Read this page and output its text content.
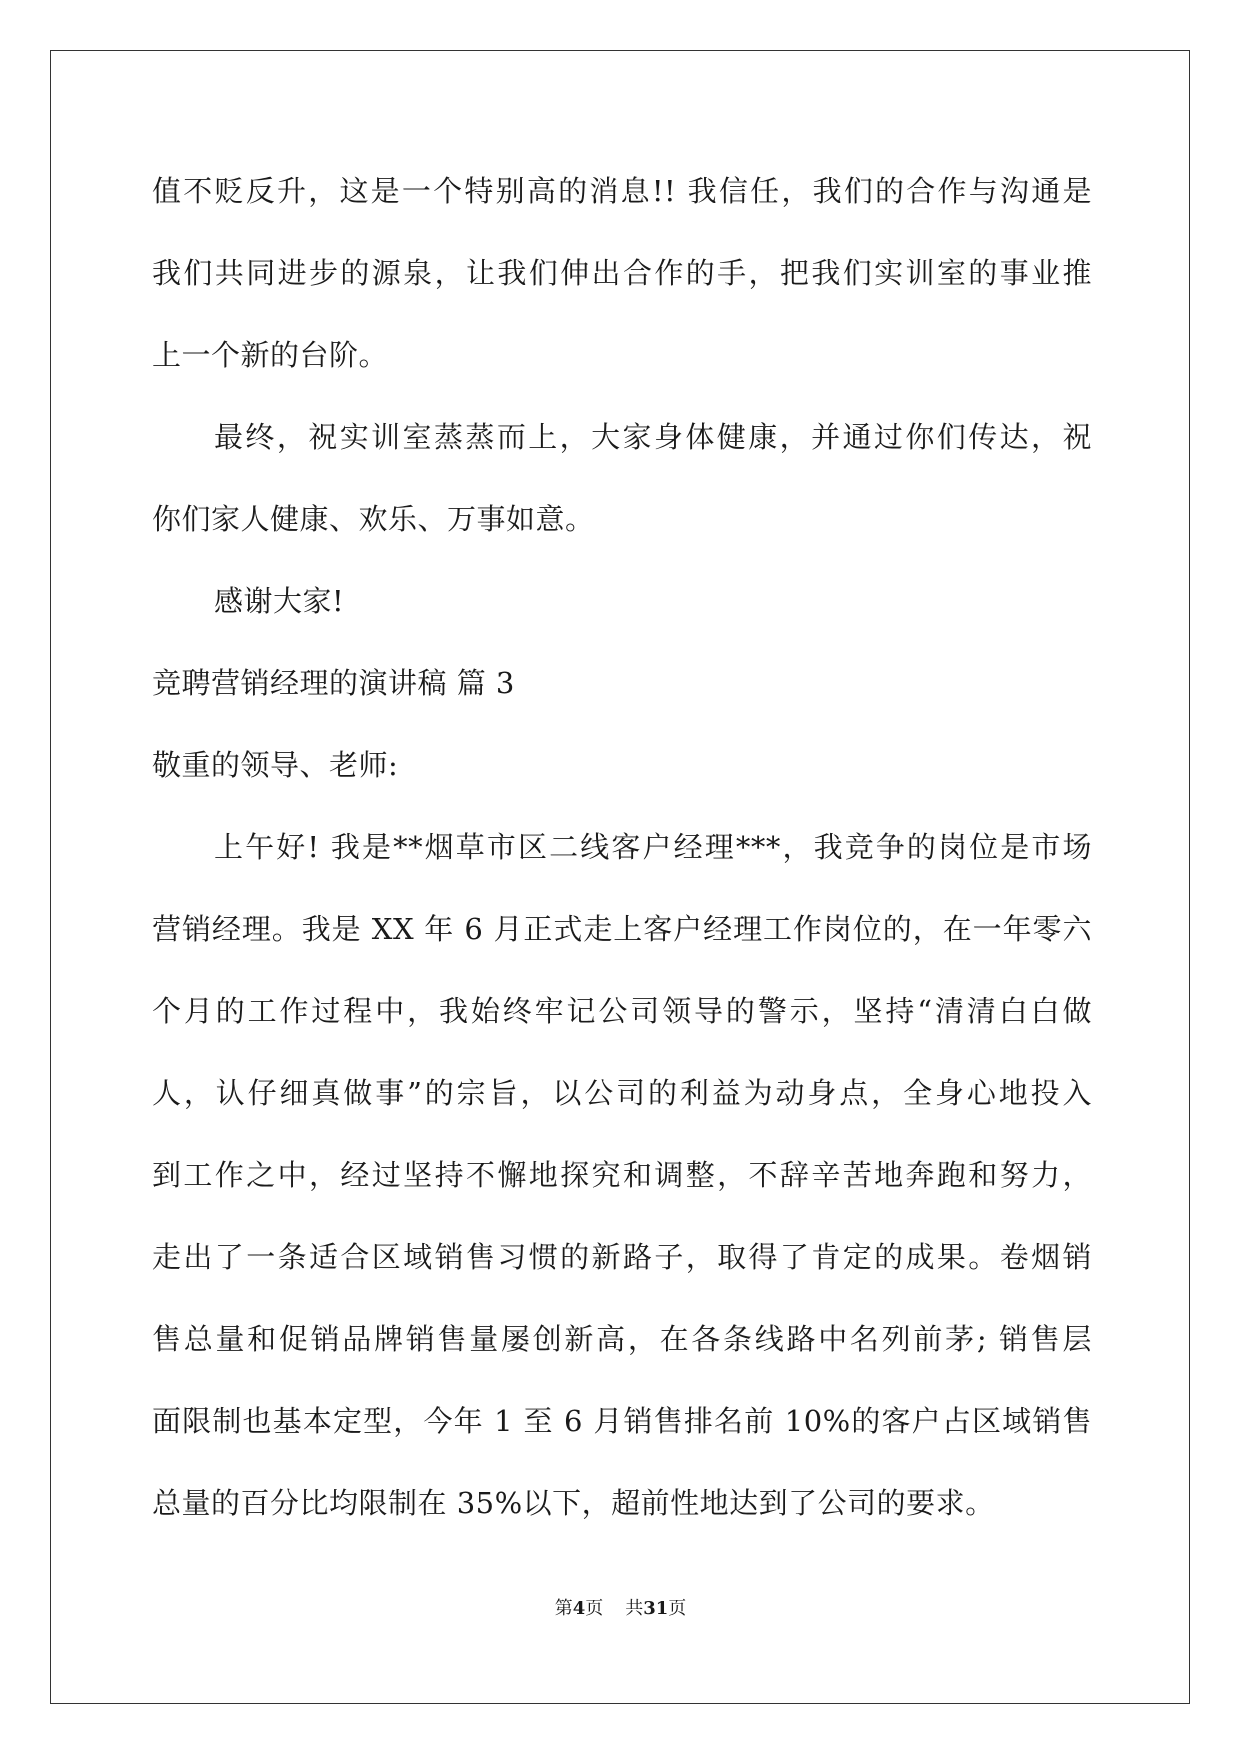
值不贬反升，这是一个特别高的消息!! 我信任，我们的合作与沟通是
我们共同进步的源泉，让我们伸出合作的手，把我们实训室的事业推
上一个新的台阶。
最终，祝实训室蒸蒸而上，大家身体健康，并通过你们传达，祝
你们家人健康、欢乐、万事如意。
感谢大家!
竞聘营销经理的演讲稿 篇 3
敬重的领导、老师:
上午好! 我是**烟草市区二线客户经理***，我竞争的岗位是市场
营销经理。我是 XX 年 6 月正式走上客户经理工作岗位的，在一年零六
个月的工作过程中，我始终牢记公司领导的警示，坚持“清清白白做
人，认仔细真做事”的宗旨，以公司的利益为动身点，全身心地投入
到工作之中，经过坚持不懈地探究和调整，不辞辛苦地奔跑和努力，
走出了一条适合区域销售习惯的新路子，取得了肯定的成果。卷烟销
售总量和促销品牌销售量屡创新高，在各条线路中名列前茅; 销售层
面限制也基本定型，今年 1 至 6 月销售排名前 10%的客户占区域销售
总量的百分比均限制在 35%以下，超前性地达到了公司的要求。
第4页 共31页
